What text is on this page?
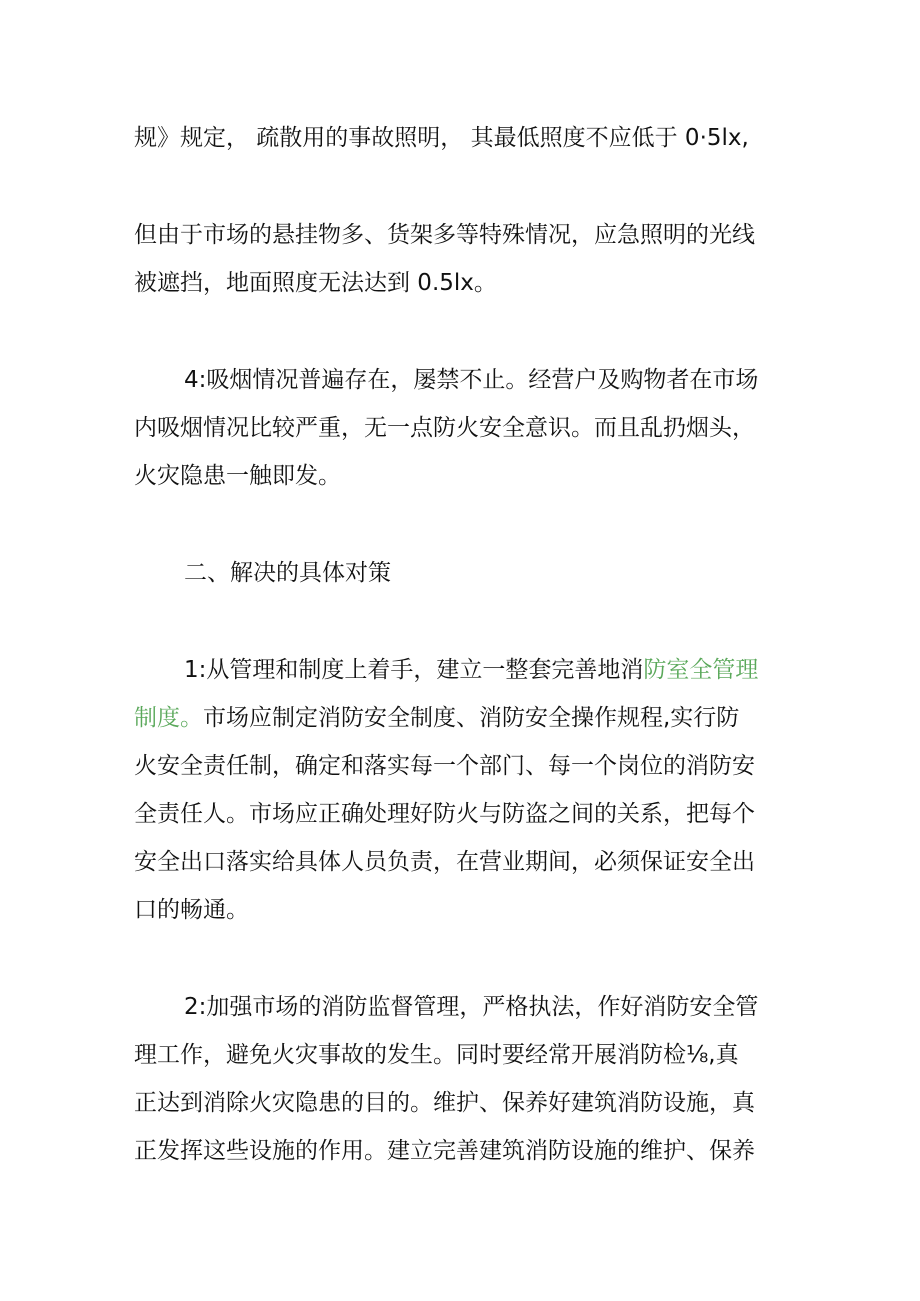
规》规定， 疏散用的事故照明， 其最低照度不应低于 0·5lx,
但由于市场的悬挂物多、货架多等特殊情况，应急照明的光线
被遮挡，地面照度无法达到 0.5lx。
4:吸烟情况普遍存在，屡禁不止。经营户及购物者在市场
内吸烟情况比较严重，无一点防火安全意识。而且乱扔烟头，
火灾隐患一触即发。
二、解决的具体对策
1:从管理和制度上着手，建立一整套完善地消防室全管理
制度。市场应制定消防安全制度、消防安全操作规程,实行防
火安全责任制，确定和落实每一个部门、每一个岗位的消防安
全责任人。市场应正确处理好防火与防盗之间的关系，把每个
安全出口落实给具体人员负责，在营业期间，必须保证安全出
口的畅通。
2:加强市场的消防监督管理，严格执法，作好消防安全管
理工作，避免火灾事故的发生。同时要经常开展消防检⅛,真
正达到消除火灾隐患的目的。维护、保养好建筑消防设施，真
正发挥这些设施的作用。建立完善建筑消防设施的维护、保养
